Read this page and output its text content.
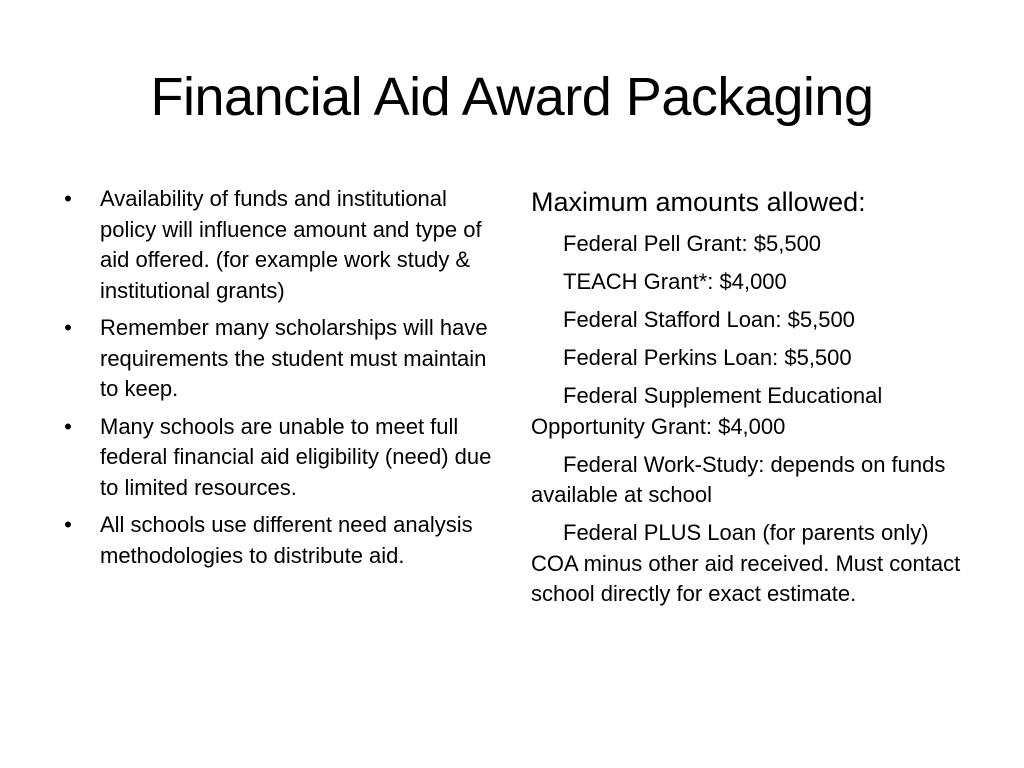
Financial Aid Award Packaging
• Availability of funds and institutional policy will influence amount and type of aid offered. (for example work study & institutional grants)
• Remember many scholarships will have requirements the student must maintain to keep.
• Many schools are unable to meet full federal financial aid eligibility (need) due to limited resources.
• All schools use different need analysis methodologies to distribute aid.

Maximum amounts allowed:

Federal Pell Grant: $5,500

TEACH Grant*: $4,000

Federal Stafford Loan: $5,500

Federal Perkins Loan: $5,500

Federal Supplement Educational Opportunity Grant: $4,000

Federal Work-Study: depends on funds available at school

Federal PLUS Loan (for parents only) COA minus other aid received. Must contact school directly for exact estimate.
